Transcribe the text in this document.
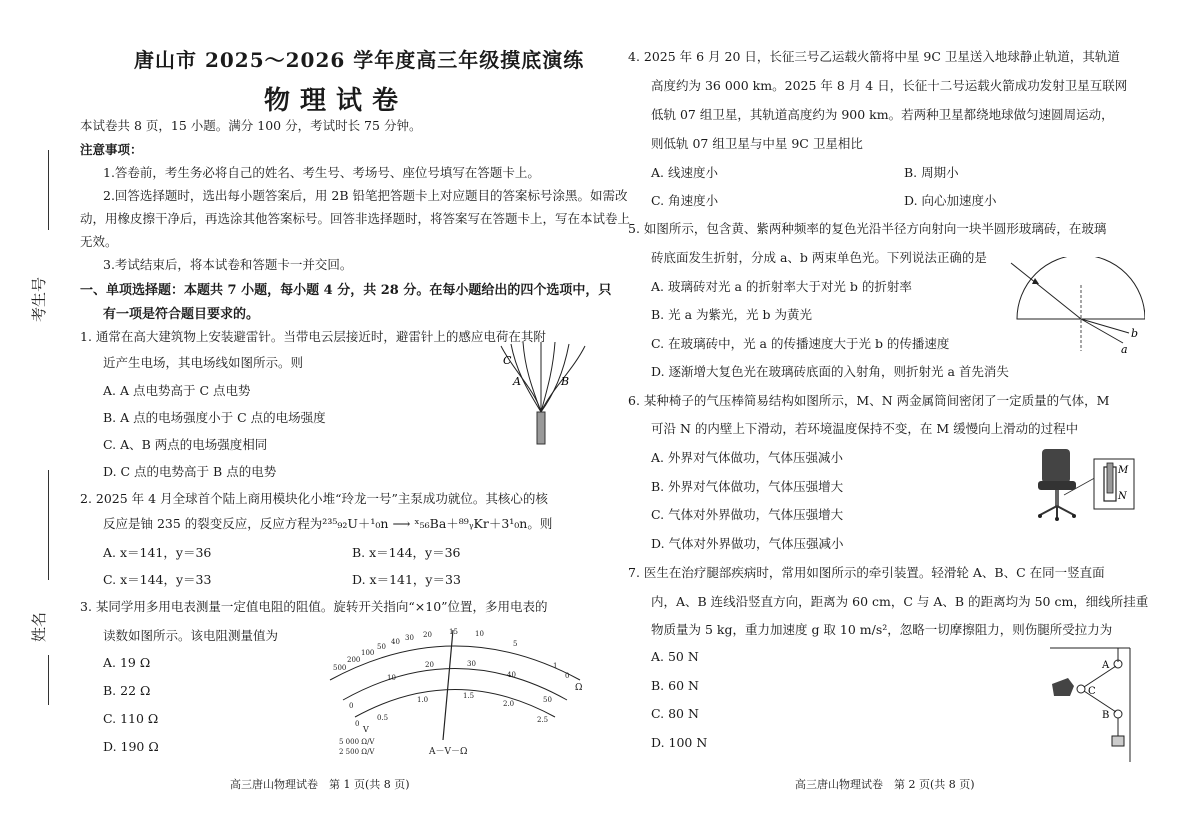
考生号
姓名
唐山市 2025～2026 学年度高三年级摸底演练
物理试卷
本试卷共 8 页，15 小题。满分 100 分，考试时长 75 分钟。
注意事项：
1.答卷前，考生务必将自己的姓名、考生号、考场号、座位号填写在答题卡上。
2.回答选择题时，选出每小题答案后，用 2B 铅笔把答题卡上对应题目的答案标号涂黑。如需改
动，用橡皮擦干净后，再选涂其他答案标号。回答非选择题时，将答案写在答题卡上，写在本试卷上
无效。
3.考试结束后，将本试卷和答题卡一并交回。
一、单项选择题：本题共 7 小题，每小题 4 分，共 28 分。在每小题给出的四个选项中，只
有一项是符合题目要求的。
1. 通常在高大建筑物上安装避雷针。当带电云层接近时，避雷针上的感应电荷在其附
近产生电场，其电场线如图所示。则
A. A 点电势高于 C 点电势
B. A 点的电场强度小于 C 点的电场强度
C. A、B 两点的电场强度相同
D. C 点的电势高于 B 点的电势
C
A	B
2. 2025 年 4 月全球首个陆上商用模块化小堆“玲龙一号”主泵成功就位。其核心的核
反应是铀 235 的裂变反应，反应方程为²³⁵₉₂U＋¹₀n ⟶ ˣ₅₆Ba＋⁸⁹ᵧKr＋3¹₀n。则
A. x＝141，y＝36	B. x＝144，y＝36
C. x＝144，y＝33	D. x＝141，y＝33
3. 某同学用多用电表测量一定值电阻的阻值。旋转开关指向“×10”位置，多用电表的
读数如图所示。该电阻测量值为
A. 19 Ω
B. 22 Ω
C. 110 Ω
D. 190 Ω
500
200
100
50
40 30 20 15 10
5
1
0
Ω
0
10
20	30
40
50
0
0.5
1.0	1.5
2.0
2.5
V
5 000 Ω/V
2 500 Ω/V	A－V－Ω
高三唐山物理试卷　第 1 页(共 8 页)
4. 2025 年 6 月 20 日，长征三号乙运载火箭将中星 9C 卫星送入地球静止轨道，其轨道
高度约为 36 000 km。2025 年 8 月 4 日，长征十二号运载火箭成功发射卫星互联网
低轨 07 组卫星，其轨道高度约为 900 km。若两种卫星都绕地球做匀速圆周运动，
则低轨 07 组卫星与中星 9C 卫星相比
A. 线速度小	B. 周期小
C. 角速度小	D. 向心加速度小
5. 如图所示，包含黄、紫两种频率的复色光沿半径方向射向一块半圆形玻璃砖，在玻璃
砖底面发生折射，分成 a、b 两束单色光。下列说法正确的是
A. 玻璃砖对光 a 的折射率大于对光 b 的折射率
B. 光 a 为紫光，光 b 为黄光
C. 在玻璃砖中，光 a 的传播速度大于光 b 的传播速度
D. 逐渐增大复色光在玻璃砖底面的入射角，则折射光 a 首先消失
b
a
6. 某种椅子的气压棒简易结构如图所示，M、N 两金属筒间密闭了一定质量的气体，M
可沿 N 的内壁上下滑动，若环境温度保持不变，在 M 缓慢向上滑动的过程中
A. 外界对气体做功，气体压强减小
B. 外界对气体做功，气体压强增大
C. 气体对外界做功，气体压强增大
D. 气体对外界做功，气体压强减小
M
N
7. 医生在治疗腿部疾病时，常用如图所示的牵引装置。轻滑轮 A、B、C 在同一竖直面
内，A、B 连线沿竖直方向，距离为 60 cm，C 与 A、B 的距离均为 50 cm，细线所挂重
物质量为 5 kg，重力加速度 g 取 10 m/s²，忽略一切摩擦阻力，则伤腿所受拉力为
A. 50 N
B. 60 N
C. 80 N
D. 100 N
A
C
B
高三唐山物理试卷　第 2 页(共 8 页)
